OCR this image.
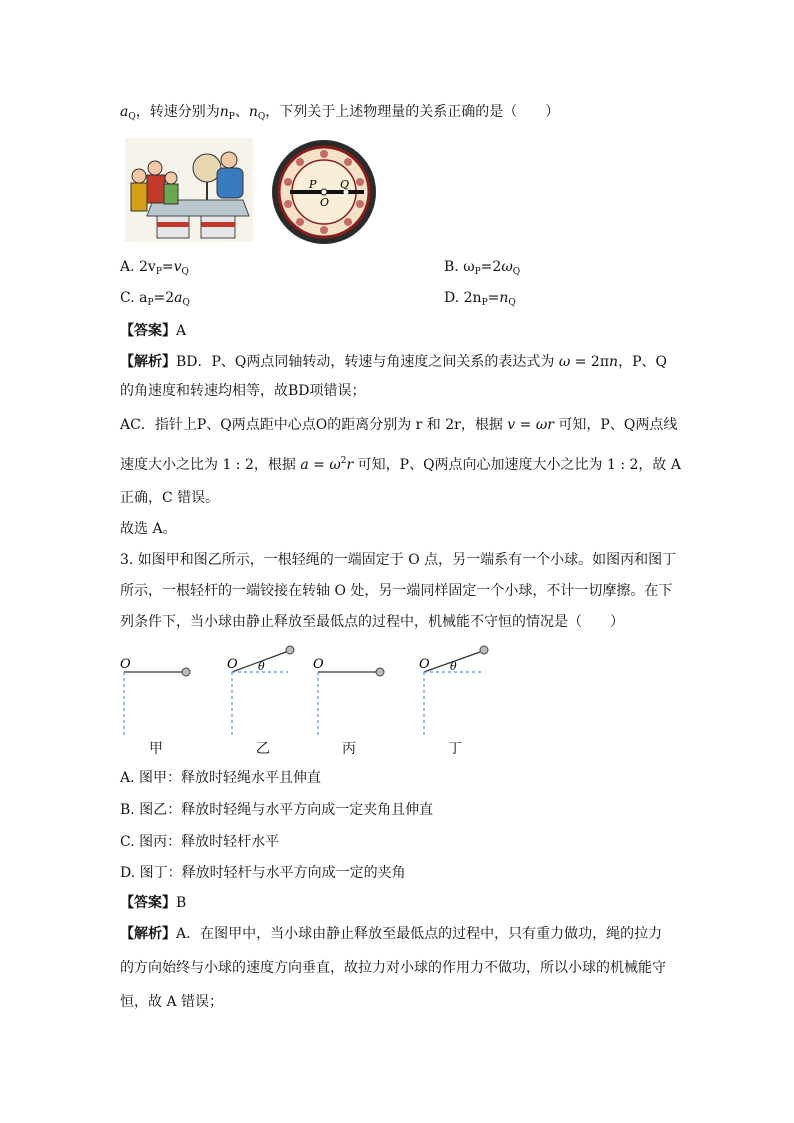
$a_Q$，转速分别为$n_P$、$n_Q$，下列关于上述物理量的关系正确的是（　　）
P Q
O
A. $2v_P=v_Q$	B. $\omega_P=2\omega_Q$
C. $a_P=2a_Q$	D. $2n_P=n_Q$
【答案】A
【解析】BD．P、Q两点同轴转动，转速与角速度之间关系的表达式为 ω = 2πn，P、Q
的角速度和转速均相等，故BD项错误；
AC．指针上P、Q两点距中心点O的距离分别为 r 和 2r，根据 v = ωr 可知，P、Q两点线
速度大小之比为 1 : 2，根据 $a = \omega^2r$ 可知，P、Q两点向心加速度大小之比为 1 : 2，故 A
正确，C 错误。
故选 A。
3. 如图甲和图乙所示，一根轻绳的一端固定于 O 点，另一端系有一个小球。如图丙和图丁
所示，一根轻杆的一端铰接在转轴 O 处，另一端同样固定一个小球，不计一切摩擦。在下
列条件下，当小球由静止释放至最低点的过程中，机械能不守恒的情况是（　　）
O	O θ	O	O θ
甲	乙	丙	丁
A. 图甲：释放时轻绳水平且伸直
B. 图乙：释放时轻绳与水平方向成一定夹角且伸直
C. 图丙：释放时轻杆水平
D. 图丁：释放时轻杆与水平方向成一定的夹角
【答案】B
【解析】A．在图甲中，当小球由静止释放至最低点的过程中，只有重力做功，绳的拉力
的方向始终与小球的速度方向垂直，故拉力对小球的作用力不做功，所以小球的机械能守
恒，故 A 错误；
